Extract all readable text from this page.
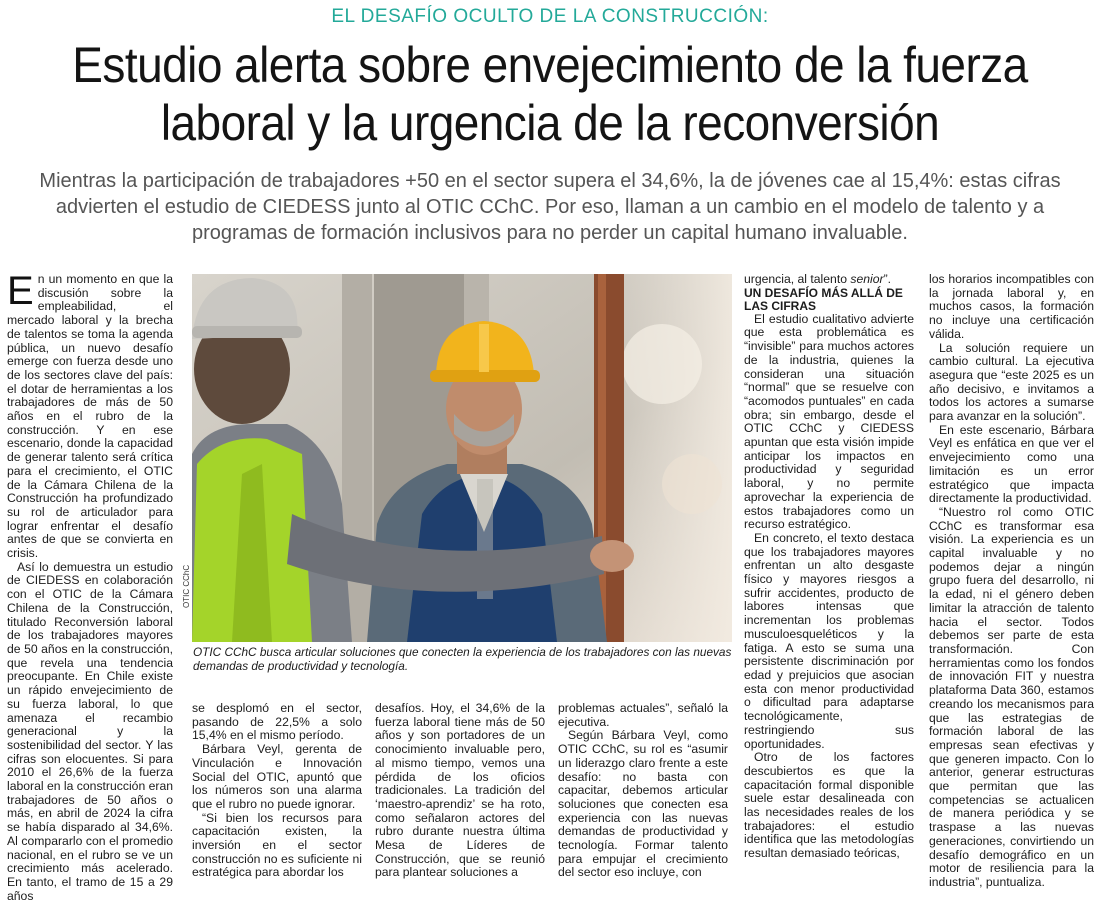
EL DESAFÍO OCULTO DE LA CONSTRUCCIÓN:
Estudio alerta sobre envejecimiento de la fuerza laboral y la urgencia de la reconversión
Mientras la participación de trabajadores +50 en el sector supera el 34,6%, la de jóvenes cae al 15,4%: estas cifras advierten el estudio de CIEDESS junto al OTIC CChC. Por eso, llaman a un cambio en el modelo de talento y a programas de formación inclusivos para no perder un capital humano invaluable.

En un momento en que la discusión sobre la empleabilidad, el mercado laboral y la brecha de talentos se toma la agenda pública, un nuevo desafío emerge con fuerza desde uno de los sectores clave del país: el dotar de herramientas a los trabajadores de más de 50 años en el rubro de la construcción. Y en ese escenario, donde la capacidad de generar talento será crítica para el crecimiento, el OTIC de la Cámara Chilena de la Construcción ha profundizado su rol de articulador para lograr enfrentar el desafío antes de que se convierta en crisis.

Así lo demuestra un estudio de CIEDESS en colaboración con el OTIC de la Cámara Chilena de la Construcción, titulado Reconversión laboral de los trabajadores mayores de 50 años en la construcción, que revela una tendencia preocupante. En Chile existe un rápido envejecimiento de su fuerza laboral, lo que amenaza el recambio generacional y la sostenibilidad del sector. Y las cifras son elocuentes. Si para 2010 el 26,6% de la fuerza laboral en la construcción eran trabajadores de 50 años o más, en abril de 2024 la cifra se había disparado al 34,6%. Al compararlo con el promedio nacional, en el rubro se ve un crecimiento más acelerado. En tanto, el tramo de 15 a 29 años

OTIC CChC
OTIC CChC busca articular soluciones que conecten la experiencia de los trabajadores con las nuevas demandas de productividad y tecnología.

se desplomó en el sector, pasando de 22,5% a solo 15,4% en el mismo período.

Bárbara Veyl, gerenta de Vinculación e Innovación Social del OTIC, apuntó que los números son una alarma que el rubro no puede ignorar.

“Si bien los recursos para capacitación existen, la inversión en el sector construcción no es suficiente ni estratégica para abordar los

desafíos. Hoy, el 34,6% de la fuerza laboral tiene más de 50 años y son portadores de un conocimiento invaluable pero, al mismo tiempo, vemos una pérdida de los oficios tradicionales. La tradición del ‘maestro-aprendiz’ se ha roto, como señalaron actores del rubro durante nuestra última Mesa de Líderes de Construcción, que se reunió para plantear soluciones a

problemas actuales”, señaló la ejecutiva.

Según Bárbara Veyl, como OTIC CChC, su rol es “asumir un liderazgo claro frente a este desafío: no basta con capacitar, debemos articular soluciones que conecten esa experiencia con las nuevas demandas de productividad y tecnología. Formar talento para empujar el crecimiento del sector eso incluye, con

urgencia, al talento senior”.

UN DESAFÍO MÁS ALLÁ DE LAS CIFRAS

El estudio cualitativo advierte que esta problemática es “invisible” para muchos actores de la industria, quienes la consideran una situación “normal” que se resuelve con “acomodos puntuales” en cada obra; sin embargo, desde el OTIC CChC y CIEDESS apuntan que esta visión impide anticipar los impactos en productividad y seguridad laboral, y no permite aprovechar la experiencia de estos trabajadores como un recurso estratégico.

En concreto, el texto destaca que los trabajadores mayores enfrentan un alto desgaste físico y mayores riesgos a sufrir accidentes, producto de labores intensas que incrementan los problemas musculoesqueléticos y la fatiga. A esto se suma una persistente discriminación por edad y prejuicios que asocian esta con menor productividad o dificultad para adaptarse tecnológicamente, restringiendo sus oportunidades.

Otro de los factores descubiertos es que la capacitación formal disponible suele estar desalineada con las necesidades reales de los trabajadores: el estudio identifica que las metodologías resultan demasiado teóricas,

los horarios incompatibles con la jornada laboral y, en muchos casos, la formación no incluye una certificación válida.

La solución requiere un cambio cultural. La ejecutiva asegura que “este 2025 es un año decisivo, e invitamos a todos los actores a sumarse para avanzar en la solución”.

En este escenario, Bárbara Veyl es enfática en que ver el envejecimiento como una limitación es un error estratégico que impacta directamente la productividad.

“Nuestro rol como OTIC CChC es transformar esa visión. La experiencia es un capital invaluable y no podemos dejar a ningún grupo fuera del desarrollo, ni la edad, ni el género deben limitar la atracción de talento hacia el sector. Todos debemos ser parte de esta transformación. Con herramientas como los fondos de innovación FIT y nuestra plataforma Data 360, estamos creando los mecanismos para que las estrategias de formación laboral de las empresas sean efectivas y que generen impacto. Con lo anterior, generar estructuras que permitan que las competencias se actualicen de manera periódica y se traspase a las nuevas generaciones, convirtiendo un desafío demográfico en un motor de resiliencia para la industria”, puntualiza.
